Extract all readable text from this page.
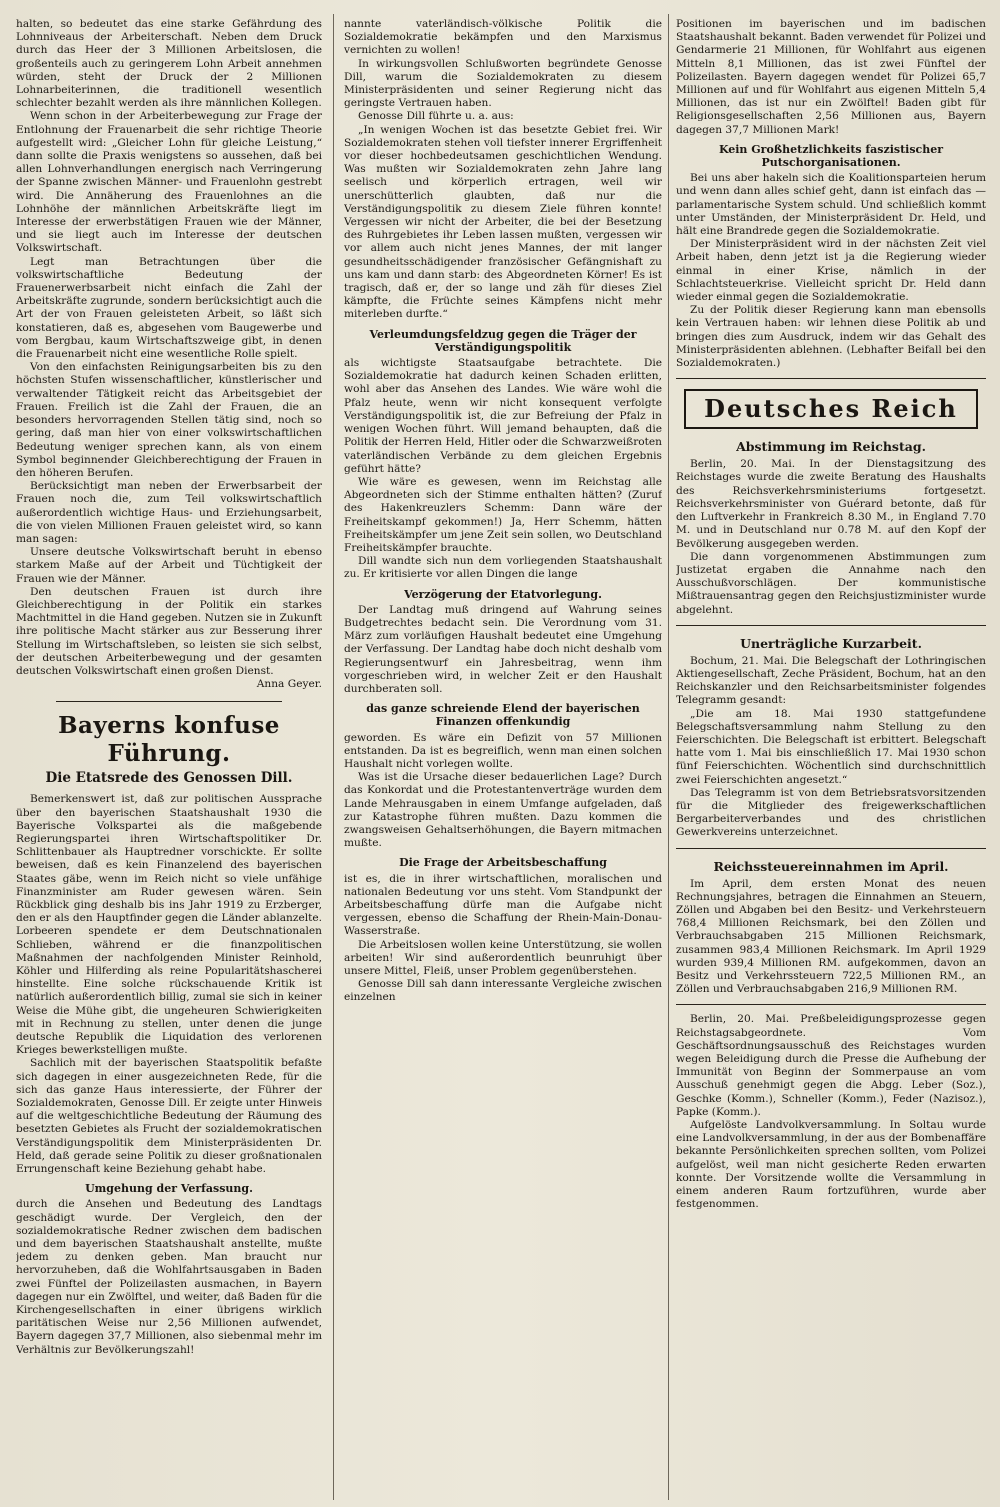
halten, so bedeutet das eine starke Gefährdung des Lohnniveaus der Arbeiterschaft. Neben dem Druck durch das Heer der 3 Millionen Arbeitslosen, die großenteils auch zu geringerem Lohn Arbeit annehmen würden, steht der Druck der 2 Millionen Lohnarbeiterinnen, die traditionell wesentlich schlechter bezahlt werden als ihre männlichen Kollegen.

Wenn schon in der Arbeiterbewegung zur Frage der Entlohnung der Frauenarbeit die sehr richtige Theorie aufgestellt wird: „Gleicher Lohn für gleiche Leistung,“ dann sollte die Praxis wenigstens so aussehen, daß bei allen Lohnverhandlungen energisch nach Verringerung der Spanne zwischen Männer- und Frauenlohn gestrebt wird. Die Annäherung des Frauenlohnes an die Lohnhöhe der männlichen Arbeitskräfte liegt im Interesse der erwerbstätigen Frauen wie der Männer, und sie liegt auch im Interesse der deutschen Volkswirtschaft.

Legt man Betrachtungen über die volkswirtschaftliche Bedeutung der Frauenerwerbsarbeit nicht einfach die Zahl der Arbeitskräfte zugrunde, sondern berücksichtigt auch die Art der von Frauen geleisteten Arbeit, so läßt sich konstatieren, daß es, abgesehen vom Baugewerbe und vom Bergbau, kaum Wirtschaftszweige gibt, in denen die Frauenarbeit nicht eine wesentliche Rolle spielt.

Von den einfachsten Reinigungsarbeiten bis zu den höchsten Stufen wissenschaftlicher, künstlerischer und verwaltender Tätigkeit reicht das Arbeitsgebiet der Frauen. Freilich ist die Zahl der Frauen, die an besonders hervorragenden Stellen tätig sind, noch so gering, daß man hier von einer volkswirtschaftlichen Bedeutung weniger sprechen kann, als von einem Symbol beginnender Gleichberechtigung der Frauen in den höheren Berufen.

Berücksichtigt man neben der Erwerbsarbeit der Frauen noch die, zum Teil volkswirtschaftlich außerordentlich wichtige Haus- und Erziehungsarbeit, die von vielen Millionen Frauen geleistet wird, so kann man sagen:

Unsere deutsche Volkswirtschaft beruht in ebenso starkem Maße auf der Arbeit und Tüchtigkeit der Frauen wie der Männer.

Den deutschen Frauen ist durch ihre Gleichberechtigung in der Politik ein starkes Machtmittel in die Hand gegeben. Nutzen sie in Zukunft ihre politische Macht stärker aus zur Besserung ihrer Stellung im Wirtschaftsleben, so leisten sie sich selbst, der deutschen Arbeiterbewegung und der gesamten deutschen Volkswirtschaft einen großen Dienst.

Anna Geyer.

Bayerns konfuse Führung.
Die Etatsrede des Genossen Dill.

Bemerkenswert ist, daß zur politischen Aussprache über den bayerischen Staatshaushalt 1930 die Bayerische Volkspartei als die maßgebende Regierungspartei ihren Wirtschaftspolitiker Dr. Schlittenbauer als Hauptredner vorschickte. Er sollte beweisen, daß es kein Finanzelend des bayerischen Staates gäbe, wenn im Reich nicht so viele unfähige Finanzminister am Ruder gewesen wären. Sein Rückblick ging deshalb bis ins Jahr 1919 zu Erzberger, den er als den Hauptfinder gegen die Länder ablanzelte. Lorbeeren spendete er dem Deutschnationalen Schlieben, während er die finanzpolitischen Maßnahmen der nachfolgenden Minister Reinhold, Köhler und Hilferding als reine Popularitätshascherei hinstellte. Eine solche rückschauende Kritik ist natürlich außerordentlich billig, zumal sie sich in keiner Weise die Mühe gibt, die ungeheuren Schwierigkeiten mit in Rechnung zu stellen, unter denen die junge deutsche Republik die Liquidation des verlorenen Krieges bewerkstelligen mußte.

Sachlich mit der bayerischen Staatspolitik befaßte sich dagegen in einer ausgezeichneten Rede, für die sich das ganze Haus interessierte, der Führer der Sozialdemokraten, Genosse Dill. Er zeigte unter Hinweis auf die weltgeschichtliche Bedeutung der Räumung des besetzten Gebietes als Frucht der sozialdemokratischen Verständigungspolitik dem Ministerpräsidenten Dr. Held, daß gerade seine Politik zu dieser großnationalen Errungenschaft keine Beziehung gehabt habe.

Umgehung der Verfassung.

durch die Ansehen und Bedeutung des Landtags geschädigt wurde. Der Vergleich, den der sozialdemokratische Redner zwischen dem badischen und dem bayerischen Staatshaushalt anstellte, mußte jedem zu denken geben. Man braucht nur hervorzuheben, daß die Wohlfahrtsausgaben in Baden zwei Fünftel der Polizeilasten ausmachen, in Bayern dagegen nur ein Zwölftel, und weiter, daß Baden für die Kirchengesellschaften in einer übrigens wirklich paritätischen Weise nur 2,56 Millionen aufwendet, Bayern dagegen 37,7 Millionen, also siebenmal mehr im Verhältnis zur Bevölkerungszahl!

nannte vaterländisch-völkische Politik die Sozialdemokratie bekämpfen und den Marxismus vernichten zu wollen!

In wirkungsvollen Schlußworten begründete Genosse Dill, warum die Sozialdemokraten zu diesem Ministerpräsidenten und seiner Regierung nicht das geringste Vertrauen haben.

Genosse Dill führte u. a. aus:

„In wenigen Wochen ist das besetzte Gebiet frei. Wir Sozialdemokraten stehen voll tiefster innerer Ergriffenheit vor dieser hochbedeutsamen geschichtlichen Wendung. Was mußten wir Sozialdemokraten zehn Jahre lang seelisch und körperlich ertragen, weil wir unerschütterlich glaubten, daß nur die Verständigungspolitik zu diesem Ziele führen konnte! Vergessen wir nicht der Arbeiter, die bei der Besetzung des Ruhrgebietes ihr Leben lassen mußten, vergessen wir vor allem auch nicht jenes Mannes, der mit langer gesundheitsschädigender französischer Gefängnishaft zu uns kam und dann starb: des Abgeordneten Körner! Es ist tragisch, daß er, der so lange und zäh für dieses Ziel kämpfte, die Früchte seines Kämpfens nicht mehr miterleben durfte.“

Verleumdungsfeldzug gegen die Träger der Verständigungspolitik

als wichtigste Staatsaufgabe betrachtete. Die Sozialdemokratie hat dadurch keinen Schaden erlitten, wohl aber das Ansehen des Landes. Wie wäre wohl die Pfalz heute, wenn wir nicht konsequent verfolgte Verständigungspolitik ist, die zur Befreiung der Pfalz in wenigen Wochen führt. Will jemand behaupten, daß die Politik der Herren Held, Hitler oder die Schwarzweißroten vaterländischen Verbände zu dem gleichen Ergebnis geführt hätte?

Wie wäre es gewesen, wenn im Reichstag alle Abgeordneten sich der Stimme enthalten hätten? (Zuruf des Hakenkreuzlers Schemm: Dann wäre der Freiheitskampf gekommen!) Ja, Herr Schemm, hätten Freiheitskämpfer um jene Zeit sein sollen, wo Deutschland Freiheitskämpfer brauchte.

Dill wandte sich nun dem vorliegenden Staatshaushalt zu. Er kritisierte vor allen Dingen die lange

Verzögerung der Etatvorlegung.

Der Landtag muß dringend auf Wahrung seines Budgetrechtes bedacht sein. Die Verordnung vom 31. März zum vorläufigen Haushalt bedeutet eine Umgehung der Verfassung. Der Landtag habe doch nicht deshalb vom Regierungsentwurf ein Jahresbeitrag, wenn ihm vorgeschrieben wird, in welcher Zeit er den Haushalt durchberaten soll.

das ganze schreiende Elend der bayerischen Finanzen offenkundig

geworden. Es wäre ein Defizit von 57 Millionen entstanden. Da ist es begreiflich, wenn man einen solchen Haushalt nicht vorlegen wollte.

Was ist die Ursache dieser bedauerlichen Lage? Durch das Konkordat und die Protestantenverträge wurden dem Lande Mehrausgaben in einem Umfange aufgeladen, daß zur Katastrophe führen mußten. Dazu kommen die zwangsweisen Gehaltserhöhungen, die Bayern mitmachen mußte.

Die Frage der Arbeitsbeschaffung

ist es, die in ihrer wirtschaftlichen, moralischen und nationalen Bedeutung vor uns steht. Vom Standpunkt der Arbeitsbeschaffung dürfe man die Aufgabe nicht vergessen, ebenso die Schaffung der Rhein-Main-Donau-Wasserstraße.

Die Arbeitslosen wollen keine Unterstützung, sie wollen arbeiten! Wir sind außerordentlich beunruhigt über unsere Mittel, Fleiß, unser Problem gegenüberstehen.

Genosse Dill sah dann interessante Vergleiche zwischen einzelnen

Positionen im bayerischen und im badischen Staatshaushalt bekannt. Baden verwendet für Polizei und Gendarmerie 21 Millionen, für Wohlfahrt aus eigenen Mitteln 8,1 Millionen, das ist zwei Fünftel der Polizeilasten. Bayern dagegen wendet für Polizei 65,7 Millionen auf und für Wohlfahrt aus eigenen Mitteln 5,4 Millionen, das ist nur ein Zwölftel! Baden gibt für Religionsgesellschaften 2,56 Millionen aus, Bayern dagegen 37,7 Millionen Mark!

Kein Großhetzlichkeits faszistischer Putschorganisationen.

Bei uns aber hakeln sich die Koalitionsparteien herum und wenn dann alles schief geht, dann ist einfach das — parlamentarische System schuld. Und schließlich kommt unter Umständen, der Ministerpräsident Dr. Held, und hält eine Brandrede gegen die Sozialdemokratie.

Der Ministerpräsident wird in der nächsten Zeit viel Arbeit haben, denn jetzt ist ja die Regierung wieder einmal in einer Krise, nämlich in der Schlachtsteuerkrise. Vielleicht spricht Dr. Held dann wieder einmal gegen die Sozialdemokratie.

Zu der Politik dieser Regierung kann man ebensolls kein Vertrauen haben: wir lehnen diese Politik ab und bringen dies zum Ausdruck, indem wir das Gehalt des Ministerpräsidenten ablehnen. (Lebhafter Beifall bei den Sozialdemokraten.)

Deutsches Reich
Abstimmung im Reichstag.

Berlin, 20. Mai. In der Dienstagsitzung des Reichstages wurde die zweite Beratung des Haushalts des Reichsverkehrsministeriums fortgesetzt. Reichsverkehrsminister von Guérard betonte, daß für den Luftverkehr in Frankreich 8.30 M., in England 7.70 M. und in Deutschland nur 0.78 M. auf den Kopf der Bevölkerung ausgegeben werden.

Die dann vorgenommenen Abstimmungen zum Justizetat ergaben die Annahme nach den Ausschußvorschlägen. Der kommunistische Mißtrauensantrag gegen den Reichsjustizminister wurde abgelehnt.

Unerträgliche Kurzarbeit.

Bochum, 21. Mai. Die Belegschaft der Lothringischen Aktiengesellschaft, Zeche Präsident, Bochum, hat an den Reichskanzler und den Reichsarbeitsminister folgendes Telegramm gesandt:

„Die am 18. Mai 1930 stattgefundene Belegschaftsversammlung nahm Stellung zu den Feierschichten. Die Belegschaft ist erbittert. Belegschaft hatte vom 1. Mai bis einschließlich 17. Mai 1930 schon fünf Feierschichten. Wöchentlich sind durchschnittlich zwei Feierschichten angesetzt.“

Das Telegramm ist von dem Betriebsratsvorsitzenden für die Mitglieder des freigewerkschaftlichen Bergarbeiterverbandes und des christlichen Gewerkvereins unterzeichnet.

Reichssteuereinnahmen im April.

Im April, dem ersten Monat des neuen Rechnungsjahres, betragen die Einnahmen an Steuern, Zöllen und Abgaben bei den Besitz- und Verkehrsteuern 768,4 Millionen Reichsmark, bei den Zöllen und Verbrauchsabgaben 215 Millionen Reichsmark, zusammen 983,4 Millionen Reichsmark. Im April 1929 wurden 939,4 Millionen RM. aufgekommen, davon an Besitz und Verkehrssteuern 722,5 Millionen RM., an Zöllen und Verbrauchsabgaben 216,9 Millionen RM.

Berlin, 20. Mai. Preßbeleidigungsprozesse gegen Reichstagsabgeordnete. Vom Geschäftsordnungsausschuß des Reichstages wurden wegen Beleidigung durch die Presse die Aufhebung der Immunität von Beginn der Sommerpause an vom Ausschuß genehmigt gegen die Abgg. Leber (Soz.), Geschke (Komm.), Schneller (Komm.), Feder (Nazisoz.), Papke (Komm.).

Aufgelöste Landvolkversammlung. In Soltau wurde eine Landvolkversammlung, in der aus der Bombenaffäre bekannte Persönlichkeiten sprechen sollten, vom Polizei aufgelöst, weil man nicht gesicherte Reden erwarten konnte. Der Vorsitzende wollte die Versammlung in einem anderen Raum fortzuführen, wurde aber festgenommen.
